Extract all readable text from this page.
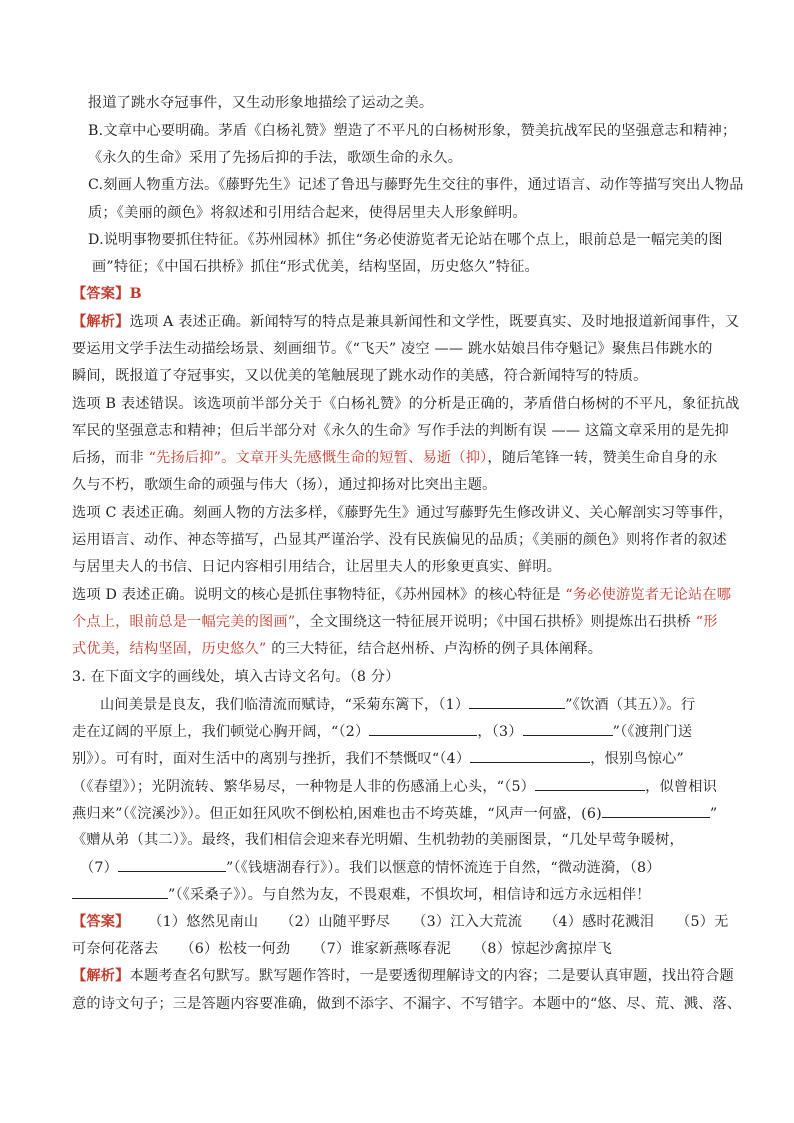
报道了跳水夺冠事件，又生动形象地描绘了运动之美。
B.文章中心要明确。茅盾《白杨礼赞》塑造了不平凡的白杨树形象，赞美抗战军民的坚强意志和精神；
《永久的生命》采用了先扬后抑的手法，歌颂生命的永久。
C.刻画人物重方法。《藤野先生》记述了鲁迅与藤野先生交往的事件，通过语言、动作等描写突出人物品
质；《美丽的颜色》将叙述和引用结合起来，使得居里夫人形象鲜明。
D.说明事物要抓住特征。《苏州园林》抓住“务必使游览者无论站在哪个点上，眼前总是一幅完美的图
画”特征；《中国石拱桥》抓住“形式优美，结构坚固，历史悠久”特征。
【答案】B
【解析】选项 A 表述正确。新闻特写的特点是兼具新闻性和文学性，既要真实、及时地报道新闻事件，又
要运用文学手法生动描绘场景、刻画细节。《“飞天” 凌空 —— 跳水姑娘吕伟夺魁记》聚焦吕伟跳水的
瞬间，既报道了夺冠事实，又以优美的笔触展现了跳水动作的美感，符合新闻特写的特质。
选项 B 表述错误。该选项前半部分关于《白杨礼赞》的分析是正确的，茅盾借白杨树的不平凡，象征抗战
军民的坚强意志和精神；但后半部分对《永久的生命》写作手法的判断有误 —— 这篇文章采用的是先抑
后扬，而非 “先扬后抑”。文章开头先感慨生命的短暂、易逝（抑），随后笔锋一转，赞美生命自身的永
久与不朽，歌颂生命的顽强与伟大（扬），通过抑扬对比突出主题。
选项 C 表述正确。刻画人物的方法多样，《藤野先生》通过写藤野先生修改讲义、关心解剖实习等事件，
运用语言、动作、神态等描写，凸显其严谨治学、没有民族偏见的品质；《美丽的颜色》则将作者的叙述
与居里夫人的书信、日记内容相引用结合，让居里夫人的形象更真实、鲜明。
选项 D 表述正确。说明文的核心是抓住事物特征，《苏州园林》的核心特征是 “务必使游览者无论站在哪
个点上，眼前总是一幅完美的图画”，全文围绕这一特征展开说明；《中国石拱桥》则提炼出石拱桥 “形
式优美，结构坚固，历史悠久” 的三大特征，结合赵州桥、卢沟桥的例子具体阐释。
3. 在下面文字的画线处，填入古诗文名句。（8 分）
山间美景是良友，我们临清流而赋诗，“采菊东篱下，（1）	”《饮酒（其五）》。行
走在辽阔的平原上，我们顿觉心胸开阔，“（2）	，（3）	”（《渡荆门送
别》）。可有时，面对生活中的离别与挫折，我们不禁慨叹“（4）	，恨别鸟惊心”
（《春望》）；光阴流转、繁华易尽，一种物是人非的伤感涌上心头，“（5）	，似曾相识
燕归来”（《浣溪沙》）。但正如狂风吹不倒松柏,困难也击不垮英雄，“风声一何盛，(6)	”
《赠从弟（其二）》。最终，我们相信会迎来春光明媚、生机勃勃的美丽图景，“几处早莺争暖树，
（7）	”（《钱塘湖春行》）。我们以惬意的情怀流连于自然，“微动涟漪，（8）
”（《采桑子》）。与自然为友，不畏艰难，不惧坎坷，相信诗和远方永远相伴！
【答案】 （1）悠然见南山 （2）山随平野尽 （3）江入大荒流 （4）感时花溅泪 （5）无
可奈何花落去 （6）松枝一何劲 （7）谁家新燕啄春泥 （8）惊起沙禽掠岸飞
【解析】本题考查名句默写。默写题作答时，一是要透彻理解诗文的内容；二是要认真审题，找出符合题
意的诗文句子；三是答题内容要准确，做到不添字、不漏字、不写错字。本题中的“悠、尽、荒、溅、落、
